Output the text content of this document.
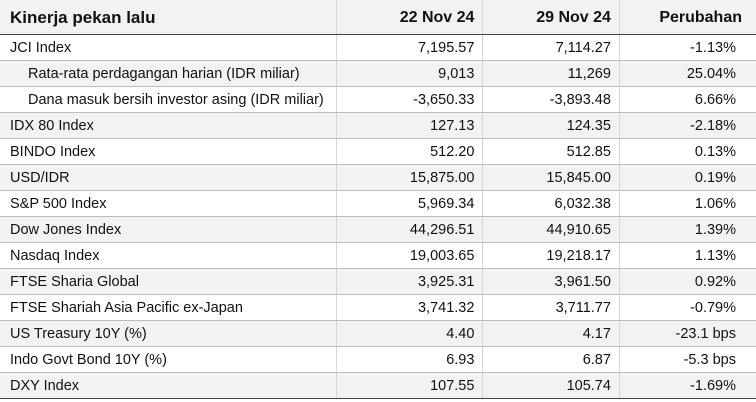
Kinerja pekan lalu	22 Nov 24	29 Nov 24	Perubahan
JCI Index	7,195.57	7,114.27	-1.13%
Rata-rata perdagangan harian (IDR miliar)	9,013	11,269	25.04%
Dana masuk bersih investor asing (IDR miliar)	-3,650.33	-3,893.48	6.66%
IDX 80 Index	127.13	124.35	-2.18%
BINDO Index	512.20	512.85	0.13%
USD/IDR	15,875.00	15,845.00	0.19%
S&P 500 Index	5,969.34	6,032.38	1.06%
Dow Jones Index	44,296.51	44,910.65	1.39%
Nasdaq Index	19,003.65	19,218.17	1.13%
FTSE Sharia Global	3,925.31	3,961.50	0.92%
FTSE Shariah Asia Pacific ex-Japan	3,741.32	3,711.77	-0.79%
US Treasury 10Y (%)	4.40	4.17	-23.1 bps
Indo Govt Bond 10Y (%)	6.93	6.87	-5.3 bps
DXY Index	107.55	105.74	-1.69%
